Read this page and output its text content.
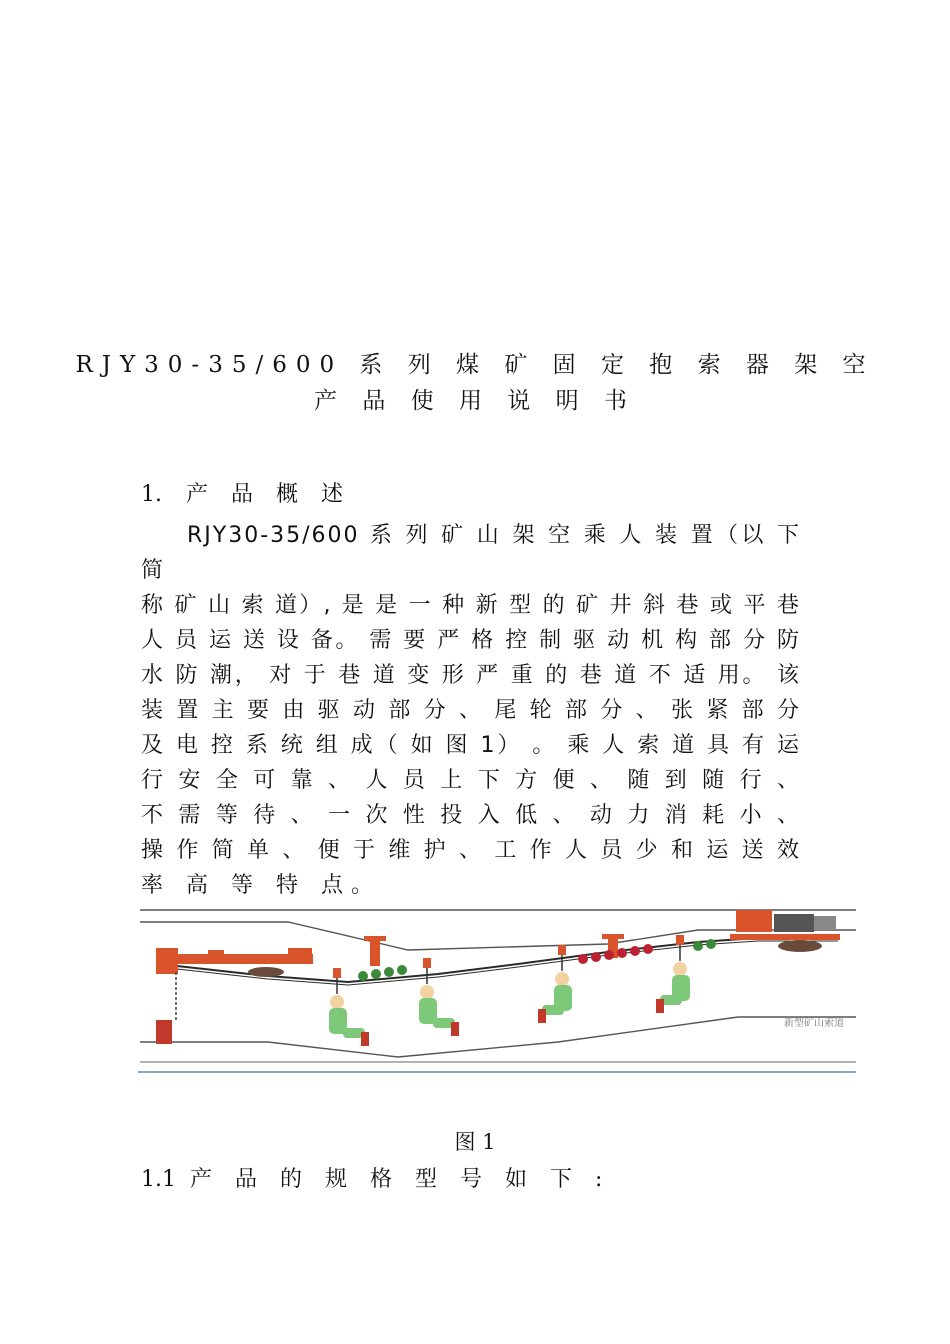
RJY30-35/600 系 列 煤 矿 固 定 抱 索 器 架 空
产 品 使 用 说 明 书
1. 产 品 概 述
RJY30-35/600 系 列 矿 山 架 空 乘 人 装 置（以 下 简
称 矿 山 索 道）, 是 是 一 种 新 型 的 矿 井 斜 巷 或 平 巷
人 员 运 送 设 备。 需 要 严 格 控 制 驱 动 机 构 部 分 防
水 防 潮， 对 于 巷 道 变 形 严 重 的 巷 道 不 适 用。 该
装 置 主 要 由 驱 动 部 分 、 尾 轮 部 分 、 张 紧 部 分
及 电 控 系 统 组 成（ 如 图 1） 。 乘 人 索 道 具 有 运
行 安 全 可 靠 、 人 员 上 下 方 便 、 随 到 随 行 、
不 需 等 待 、 一 次 性 投 入 低 、 动 力 消 耗 小 、
操 作 简 单 、 便 于 维 护 、 工 作 人 员 少 和 运 送 效
率 高 等 特 点。
新型矿山索道
图 1
1.1 产 品 的 规 格 型 号 如 下 :
